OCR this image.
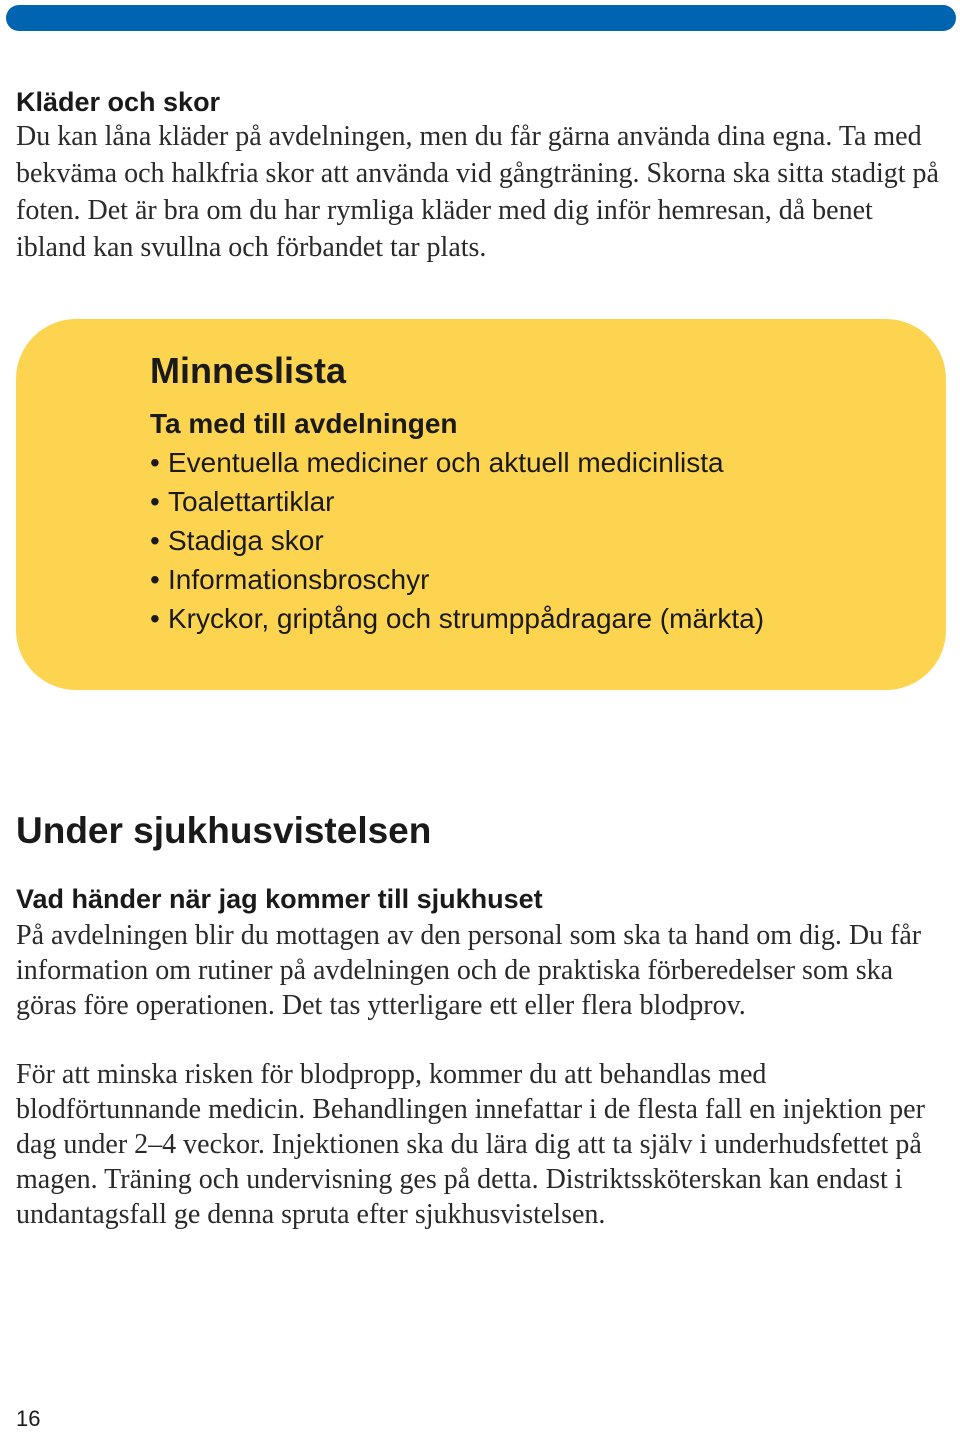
Kläder och skor

Du kan låna kläder på avdelningen, men du får gärna använda dina egna. Ta med bekväma och halkfria skor att använda vid gångträning. Skorna ska sitta stadigt på foten. Det är bra om du har rymliga kläder med dig inför hemresan, då benet ibland kan svullna och förbandet tar plats.

Minneslista
Ta med till avdelningen
• Eventuella mediciner och aktuell medicinlista
• Toalettartiklar
• Stadiga skor
• Informationsbroschyr
• Kryckor, griptång och strumppådragare (märkta)
Under sjukhusvistelsen
Vad händer när jag kommer till sjukhuset

På avdelningen blir du mottagen av den personal som ska ta hand om dig. Du får information om rutiner på avdelningen och de praktiska förberedelser som ska göras före operationen. Det tas ytterligare ett eller flera blodprov.

För att minska risken för blodpropp, kommer du att behandlas med blodförtunnande medicin. Behandlingen innefattar i de flesta fall en injektion per dag under 2–4 veckor. Injektionen ska du lära dig att ta själv i underhudsfettet på magen. Träning och undervisning ges på detta. Distriktssköterskan kan endast i undantagsfall ge denna spruta efter sjukhusvistelsen.

16
